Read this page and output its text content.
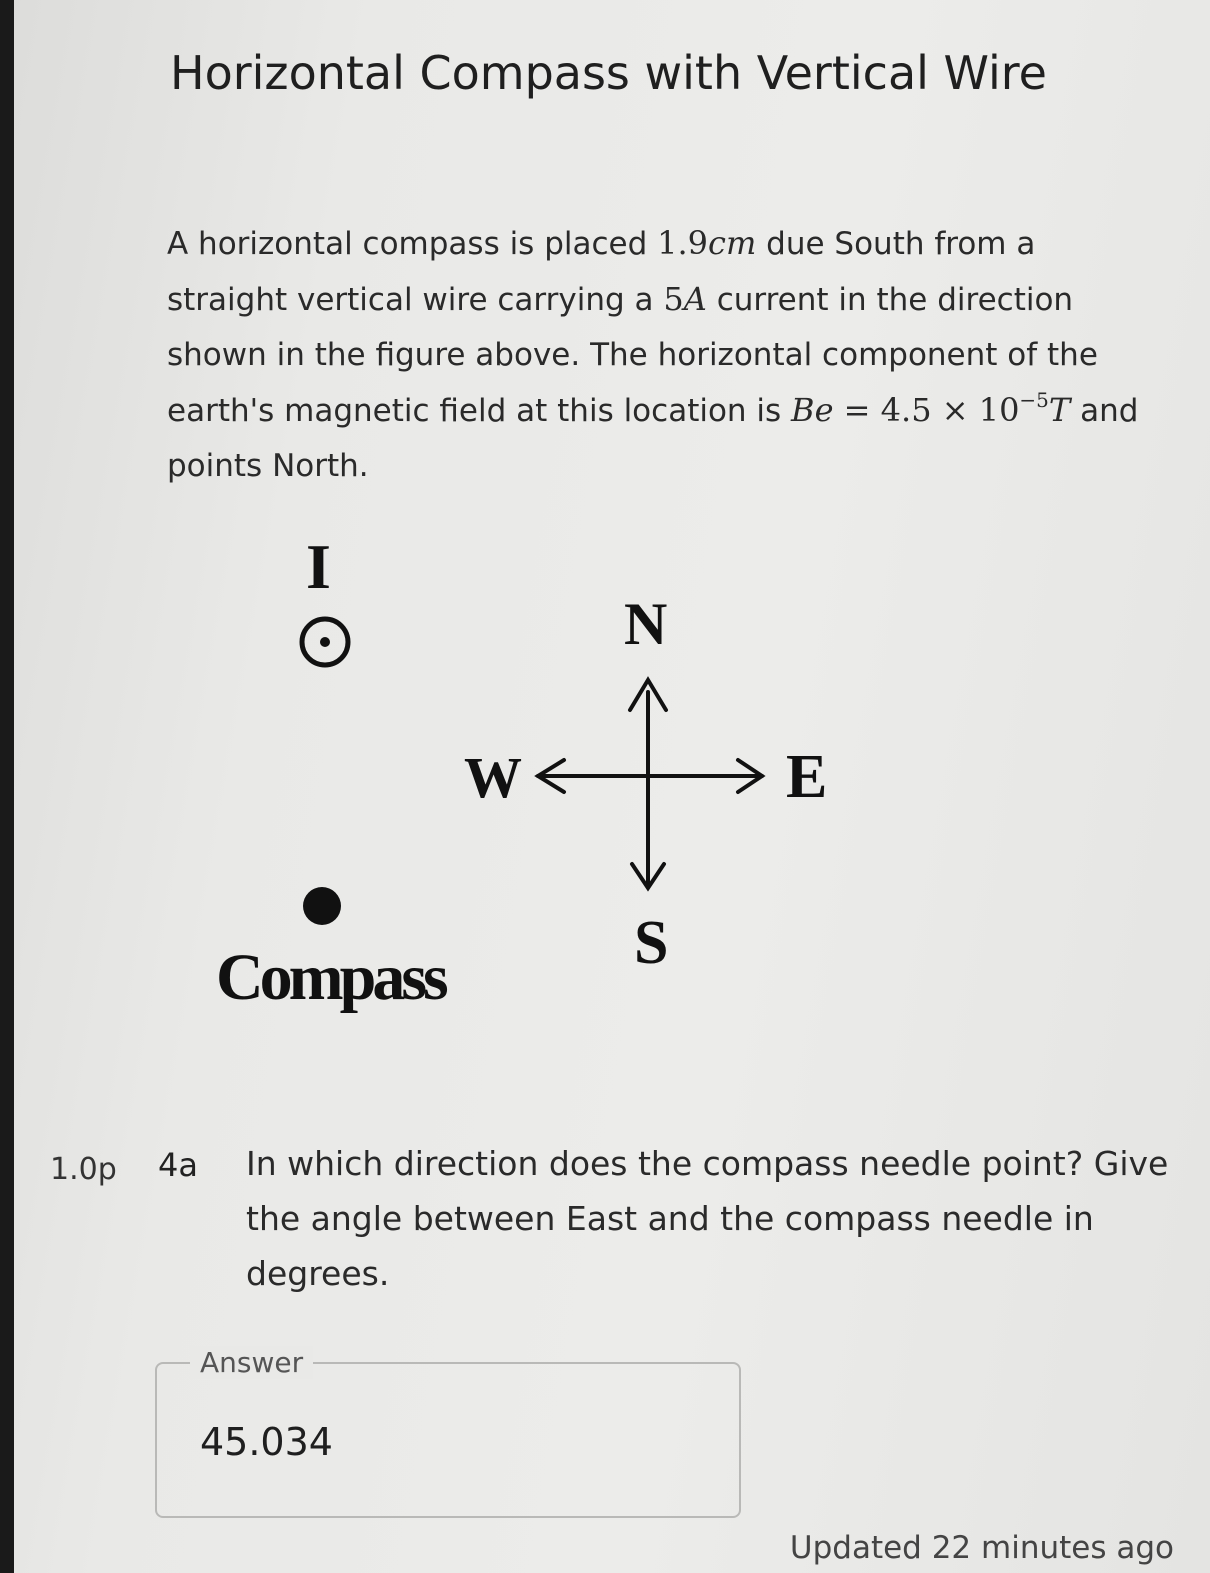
Horizontal Compass with Vertical Wire
A horizontal compass is placed 1.9cm due South from a straight vertical wire carrying a 5A current in the direction shown in the figure above. The horizontal component of the earth's magnetic field at this location is $Be = 4.5 \times 10^{-5}T$ and points North.
I
N
W	E
S
Compass
1.0p 4a In which direction does the compass needle point? Give the angle between East and the compass needle in degrees.
Answer
45.034
Updated 22 minutes ago
